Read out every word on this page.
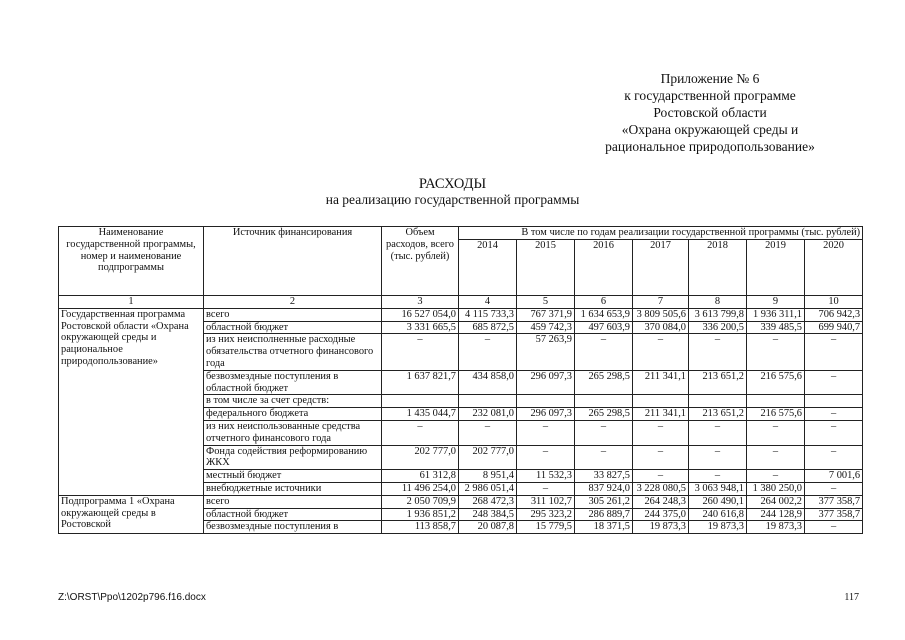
Приложение № 6
к государственной программе
Ростовской области
«Охрана окружающей среды и
рациональное природопользование»
РАСХОДЫ
на реализацию государственной программы
Наименование государственной программы, номер и наименование подпрограммы	Источник финансирования	Объем расходов, всего (тыс. рублей)	В том числе по годам реализации государственной программы (тыс. рублей)						
			2014	2015	2016	2017	2018	2019	2020
1	2	3	4	5	6	7	8	9	10
Государственная программа Ростовской области «Охрана окружающей среды и рациональное природопользование»	всего	16 527 054,0	4 115 733,3	767 371,9	1 634 653,9	3 809 505,6	3 613 799,8	1 936 311,1	706 942,3
	областной бюджет	3 331 665,5	685 872,5	459 742,3	497 603,9	370 084,0	336 200,5	339 485,5	699 940,7
	из них неисполненные расходные обязательства отчетного финансового года	–	–	57 263,9	–	–	–	–	–
	безвозмездные поступления в областной бюджет	1 637 821,7	434 858,0	296 097,3	265 298,5	211 341,1	213 651,2	216 575,6	–
	в том числе за счет средств:								
	федерального бюджета	1 435 044,7	232 081,0	296 097,3	265 298,5	211 341,1	213 651,2	216 575,6	–
	из них неиспользованные средства отчетного финансового года	–	–	–	–	–	–	–	–
	Фонда содействия реформированию ЖКХ	202 777,0	202 777,0	–	–	–	–	–	–
	местный бюджет	61 312,8	8 951,4	11 532,3	33 827,5	–	–	–	7 001,6
	внебюджетные источники	11 496 254,0	2 986 051,4	–	837 924,0	3 228 080,5	3 063 948,1	1 380 250,0	–
Подпрограмма 1 «Охрана окружающей среды в Ростовской	всего	2 050 709,9	268 472,3	311 102,7	305 261,2	264 248,3	260 490,1	264 002,2	377 358,7
	областной бюджет	1 936 851,2	248 384,5	295 323,2	286 889,7	244 375,0	240 616,8	244 128,9	377 358,7
	безвозмездные поступления в	113 858,7	20 087,8	15 779,5	18 371,5	19 873,3	19 873,3	19 873,3	–
Z:\ORST\Ppo\1202p796.f16.docx	117
